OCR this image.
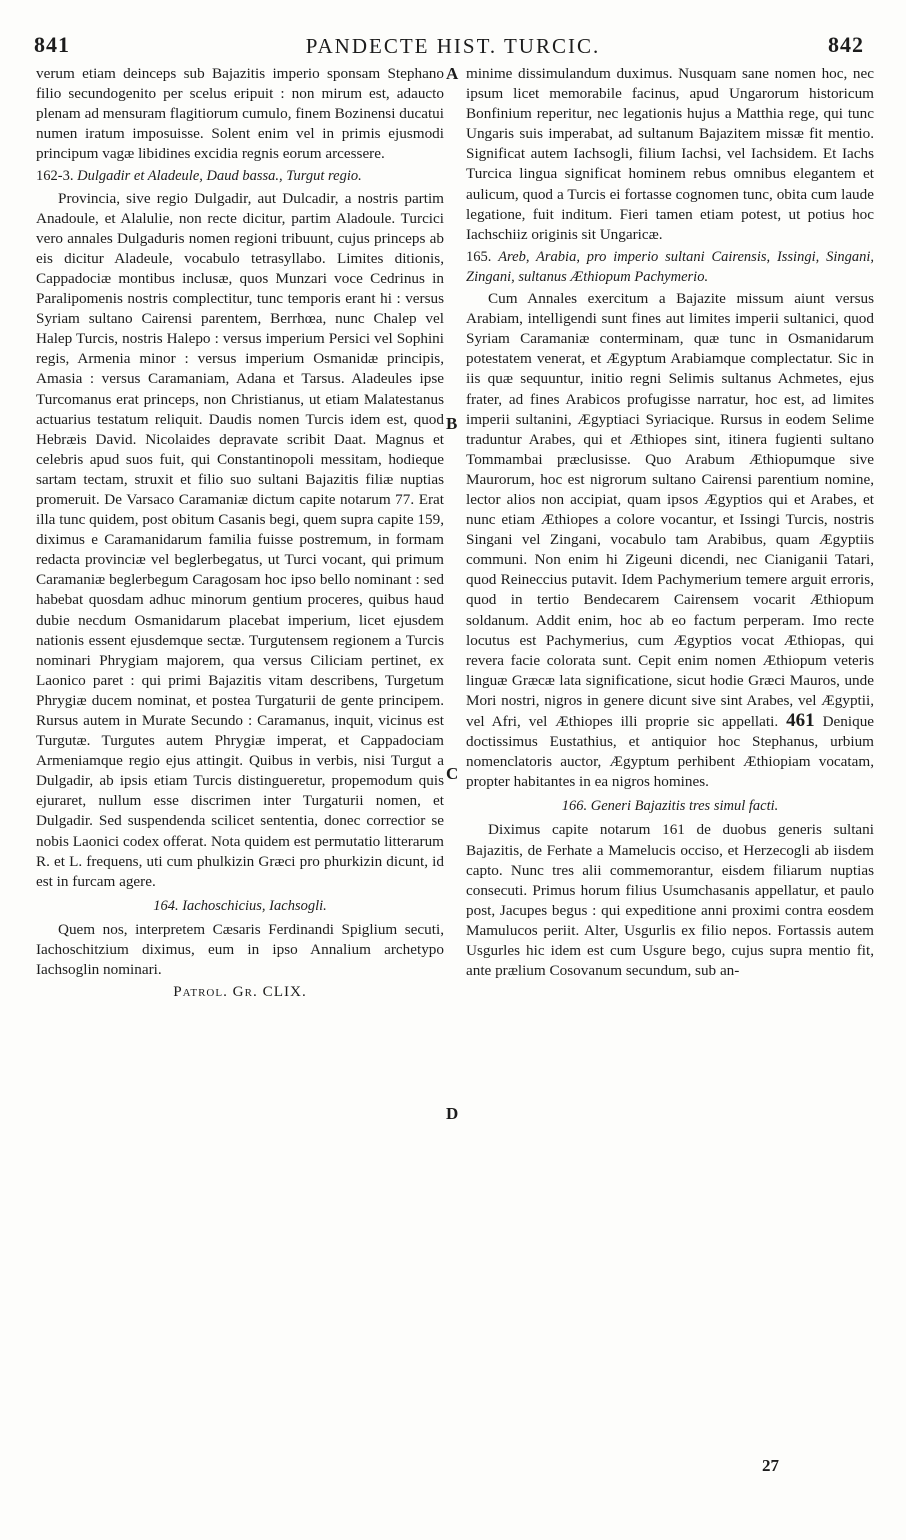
841	PANDECTE HIST. TURCIC.	842
A
B
C
D

verum etiam deinceps sub Bajazitis imperio sponsam Stephano filio secundogenito per scelus eripuit : non mirum est, adaucto plenam ad mensuram flagitiorum cumulo, finem Bozinensi ducatui numen iratum imposuisse. Solent enim vel in primis ejusmodi principum vagæ libidines excidia regnis eorum arcessere.

162-3. Dulgadir et Aladeule, Daud bassa., Turgut regio.

Provincia, sive regio Dulgadir, aut Dulcadir, a nostris partim Anadoule, et Alalulie, non recte dicitur, partim Aladoule. Turcici vero annales Dulgaduris nomen regioni tribuunt, cujus princeps ab eis dicitur Aladeule, vocabulo tetrasyllabo. Limites ditionis, Cappadociæ montibus inclusæ, quos Munzari voce Cedrinus in Paralipomenis nostris complectitur, tunc temporis erant hi : versus Syriam sultano Cairensi parentem, Berrhœa, nunc Chalep vel Halep Turcis, nostris Halepo : versus imperium Persici vel Sophini regis, Armenia minor : versus imperium Osmanidæ principis, Amasia : versus Caramaniam, Adana et Tarsus. Aladeules ipse Turcomanus erat princeps, non Christianus, ut etiam Malatestanus actuarius testatum reliquit. Daudis nomen Turcis idem est, quod Hebræis David. Nicolaides depravate scribit Daat. Magnus et celebris apud suos fuit, qui Constantinopoli messitam, hodieque sartam tectam, struxit et filio suo sultani Bajazitis filiæ nuptias promeruit. De Varsaco Caramaniæ dictum capite notarum 77. Erat illa tunc quidem, post obitum Casanis begi, quem supra capite 159, diximus e Caramanidarum familia fuisse postremum, in formam redacta provinciæ vel beglerbegatus, ut Turci vocant, qui primum Caramaniæ beglerbegum Caragosam hoc ipso bello nominant : sed habebat quosdam adhuc minorum gentium proceres, quibus haud dubie necdum Osmanidarum placebat imperium, licet ejusdem nationis essent ejusdemque sectæ. Turgutensem regionem a Turcis nominari Phrygiam majorem, qua versus Ciliciam pertinet, ex Laonico paret : qui primi Bajazitis vitam describens, Turgetum Phrygiæ ducem nominat, et postea Turgaturii de gente principem. Rursus autem in Murate Secundo : Caramanus, inquit, vicinus est Turgutæ. Turgutes autem Phrygiæ imperat, et Cappadociam Armeniamque regio ejus attingit. Quibus in verbis, nisi Turgut a Dulgadir, ab ipsis etiam Turcis distingueretur, propemodum quis ejuraret, nullum esse discrimen inter Turgaturii nomen, et Dulgadir. Sed suspendenda scilicet sententia, donec correctior se nobis Laonici codex offerat. Nota quidem est permutatio litterarum R. et L. frequens, uti cum phulkizin Græci pro phurkizin dicunt, id est in furcam agere.

164. Iachoschicius, Iachsogli.

Quem nos, interpretem Cæsaris Ferdinandi Spiglium secuti, Iachoschitzium diximus, eum in ipso Annalium archetypo Iachsoglin nominari.

Patrol. Gr. CLIX.

minime dissimulandum duximus. Nusquam sane nomen hoc, nec ipsum licet memorabile facinus, apud Ungarorum historicum Bonfinium reperitur, nec legationis hujus a Matthia rege, qui tunc Ungaris suis imperabat, ad sultanum Bajazitem missæ fit mentio. Significat autem Iachsogli, filium Iachsi, vel Iachsidem. Et Iachs Turcica lingua significat hominem rebus omnibus elegantem et aulicum, quod a Turcis ei fortasse cognomen tunc, obita cum laude legatione, fuit inditum. Fieri tamen etiam potest, ut potius hoc Iachschiiz originis sit Ungaricæ.

165. Areb, Arabia, pro imperio sultani Cairensis, Issingi, Singani, Zingani, sultanus Æthiopum Pachymerio.

Cum Annales exercitum a Bajazite missum aiunt versus Arabiam, intelligendi sunt fines aut limites imperii sultanici, quod Syriam Caramaniæ conterminam, quæ tunc in Osmanidarum potestatem venerat, et Ægyptum Arabiamque complectatur. Sic in iis quæ sequuntur, initio regni Selimis sultanus Achmetes, ejus frater, ad fines Arabicos profugisse narratur, hoc est, ad limites imperii sultanini, Ægyptiaci Syriacique. Rursus in eodem Selime traduntur Arabes, qui et Æthiopes sint, itinera fugienti sultano Tommambai præclusisse. Quo Arabum Æthiopumque sive Maurorum, hoc est nigrorum sultano Cairensi parentium nomine, lector alios non accipiat, quam ipsos Ægyptios qui et Arabes, et nunc etiam Æthiopes a colore vocantur, et Issingi Turcis, nostris Singani vel Zingani, vocabulo tam Arabibus, quam Ægyptiis communi. Non enim hi Zigeuni dicendi, nec Cianiganii Tatari, quod Reineccius putavit. Idem Pachymerium temere arguit erroris, quod in tertio Bendecarem Cairensem vocarit Æthiopum soldanum. Addit enim, hoc ab eo factum perperam. Imo recte locutus est Pachymerius, cum Ægyptios vocat Æthiopas, qui revera facie colorata sunt. Cepit enim nomen Æthiopum veteris linguæ Græcæ lata significatione, sicut hodie Græci Mauros, unde Mori nostri, nigros in genere dicunt sive sint Arabes, vel Ægyptii, vel Afri, vel Æthiopes illi proprie sic appellati. 461 Denique doctissimus Eustathius, et antiquior hoc Stephanus, urbium nomenclatoris auctor, Ægyptum perhibent Æthiopiam vocatam, propter habitantes in ea nigros homines.

166. Generi Bajazitis tres simul facti.

Diximus capite notarum 161 de duobus generis sultani Bajazitis, de Ferhate a Mamelucis occiso, et Herzecogli ab iisdem capto. Nunc tres alii commemorantur, eisdem filiarum nuptias consecuti. Primus horum filius Usumchasanis appellatur, et paulo post, Jacupes begus : qui expeditione anni proximi contra eosdem Mamulucos periit. Alter, Usgurlis ex filio nepos. Fortassis autem Usgurles hic idem est cum Usgure bego, cujus supra mentio fit, ante prælium Cosovanum secundum, sub an-

27
